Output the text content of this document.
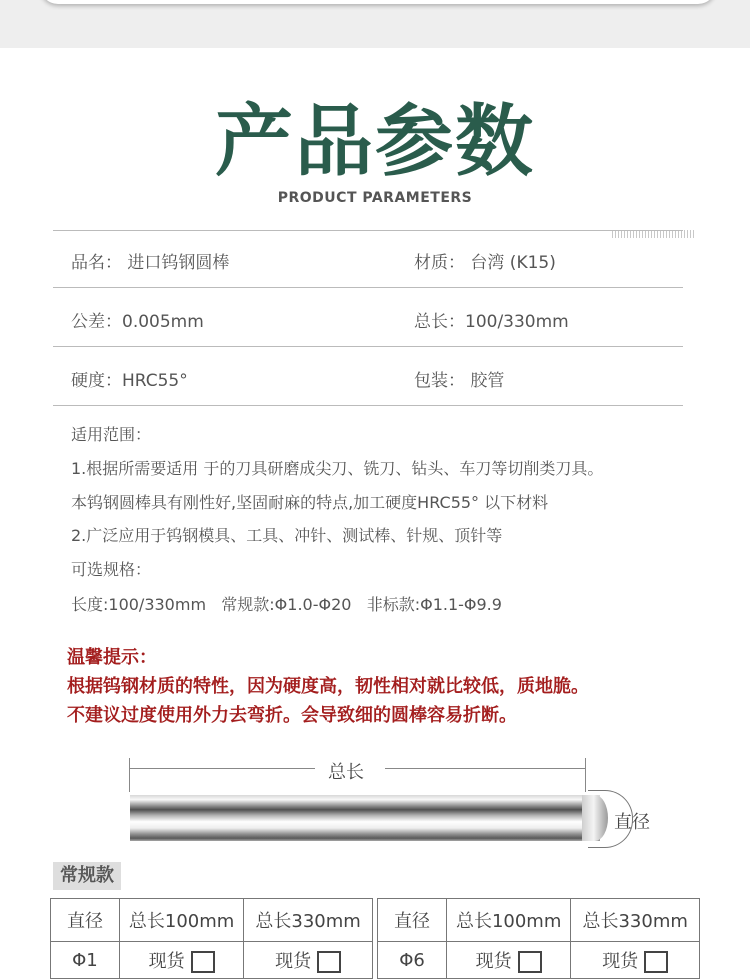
产品参数
PRODUCT PARAMETERS
品名： 进口钨钢圆棒	材质： 台湾 (K15)
公差：0.005mm	总长：100/330mm
硬度：HRC55°	包装： 胶管
适用范围：
1.根据所需要适用 于的刀具研磨成尖刀、铣刀、钻头、车刀等切削类刀具。
本钨钢圆棒具有刚性好,坚固耐麻的特点,加工硬度HRC55° 以下材料
2.广泛应用于钨钢模具、工具、冲针、测试棒、针规、顶针等
可选规格：
长度:100/330mm   常规款:Φ1.0-Φ20   非标款:Φ1.1-Φ9.9
温馨提示：
根据钨钢材质的特性，因为硬度高，韧性相对就比较低，质地脆。
不建议过度使用外力去弯折。会导致细的圆棒容易折断。
总长
直径
常规款
直径	总长100mm	总长330mm		直径	总长100mm	总长330mm
Φ1	现货	现货		Φ6	现货	现货
